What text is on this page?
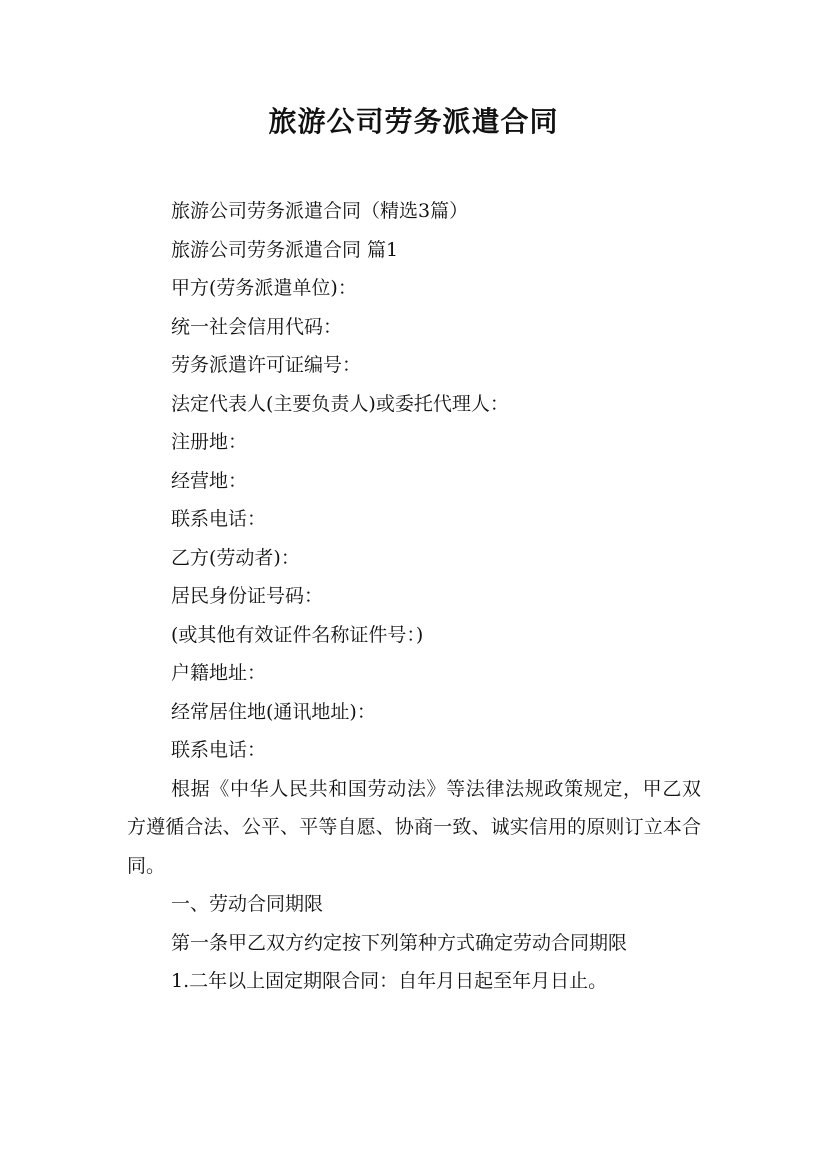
旅游公司劳务派遣合同

旅游公司劳务派遣合同（精选3篇）

旅游公司劳务派遣合同 篇1

甲方(劳务派遣单位)：

统一社会信用代码：

劳务派遣许可证编号：

法定代表人(主要负责人)或委托代理人：

注册地：

经营地：

联系电话：

乙方(劳动者)：

居民身份证号码：

(或其他有效证件名称证件号：)

户籍地址：

经常居住地(通讯地址)：

联系电话：

根据《中华人民共和国劳动法》等法律法规政策规定，甲乙双方遵循合法、公平、平等自愿、协商一致、诚实信用的原则订立本合同。

一、劳动合同期限

第一条甲乙双方约定按下列第种方式确定劳动合同期限

1.二年以上固定期限合同：自年月日起至年月日止。
